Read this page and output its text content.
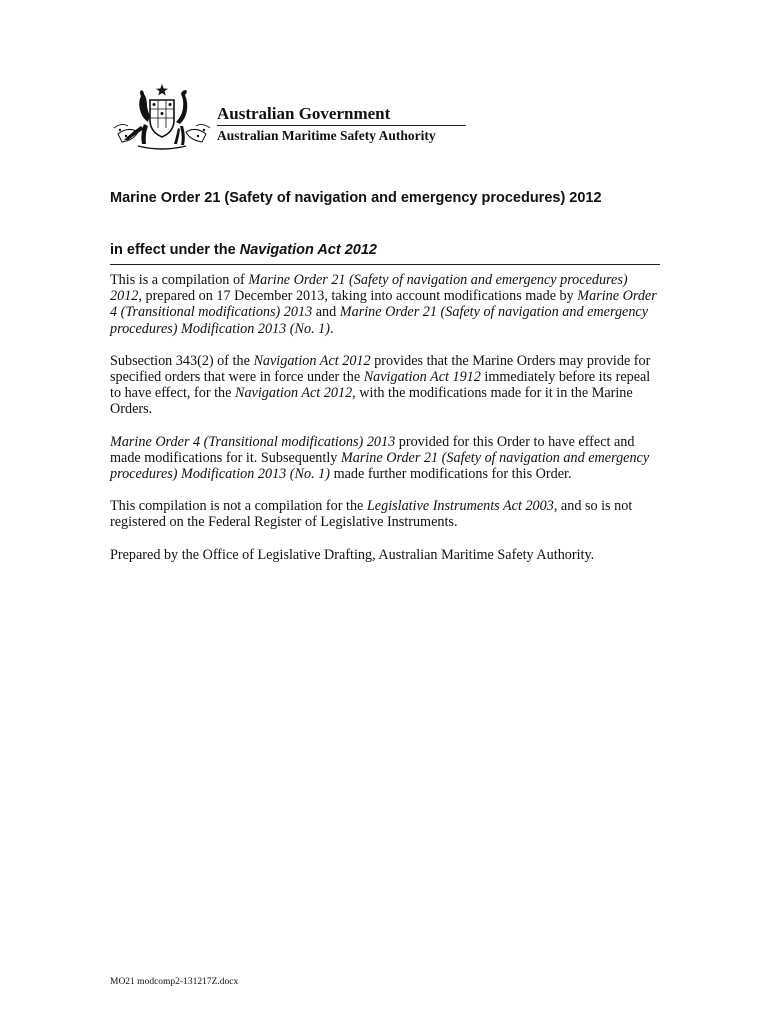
Australian Government
Australian Maritime Safety Authority
Marine Order 21 (Safety of navigation and emergency procedures) 2012
in effect under the Navigation Act 2012

This is a compilation of Marine Order 21 (Safety of navigation and emergency procedures) 2012, prepared on 17 December 2013, taking into account modifications made by Marine Order 4 (Transitional modifications) 2013 and Marine Order 21 (Safety of navigation and emergency procedures) Modification 2013 (No. 1).

Subsection 343(2) of the Navigation Act 2012 provides that the Marine Orders may provide for specified orders that were in force under the Navigation Act 1912 immediately before its repeal to have effect, for the Navigation Act 2012, with the modifications made for it in the Marine Orders.

Marine Order 4 (Transitional modifications) 2013 provided for this Order to have effect and made modifications for it. Subsequently Marine Order 21 (Safety of navigation and emergency procedures) Modification 2013 (No. 1) made further modifications for this Order.

This compilation is not a compilation for the Legislative Instruments Act 2003, and so is not registered on the Federal Register of Legislative Instruments.

Prepared by the Office of Legislative Drafting, Australian Maritime Safety Authority.

MO21 modcomp2-131217Z.docx
